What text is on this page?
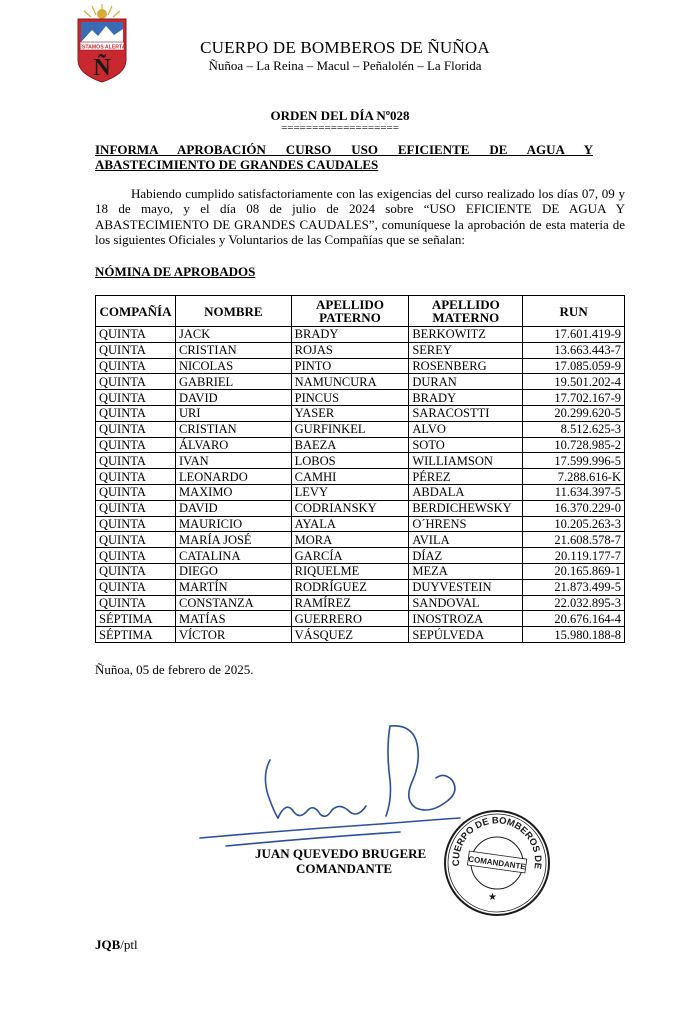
ESTAMOS ALERTA
Ñ
CUERPO DE BOMBEROS DE ÑUÑOA
Ñuñoa – La Reina – Macul – Peñalolén – La Florida
ORDEN DEL DÍA Nº028
===================
INFORMA APROBACIÓN CURSO USO EFICIENTE DE AGUA Y
ABASTECIMIENTO DE GRANDES CAUDALES
Habiendo cumplido satisfactoriamente con las exigencias del curso realizado los días 07, 09 y 18 de mayo, y el día 08 de julio de 2024 sobre “USO EFICIENTE DE AGUA Y ABASTECIMIENTO DE GRANDES CAUDALES”, comuníquese la aprobación de esta materia de los siguientes Oficiales y Voluntarios de las Compañías que se señalan:
NÓMINA DE APROBADOS
COMPAÑÍA	NOMBRE	APELLIDO PATERNO	APELLIDO MATERNO	RUN
QUINTA	JACK	BRADY	BERKOWITZ	17.601.419-9
QUINTA	CRISTIAN	ROJAS	SEREY	13.663.443-7
QUINTA	NICOLAS	PINTO	ROSENBERG	17.085.059-9
QUINTA	GABRIEL	NAMUNCURA	DURAN	19.501.202-4
QUINTA	DAVID	PINCUS	BRADY	17.702.167-9
QUINTA	URI	YASER	SARACOSTTI	20.299.620-5
QUINTA	CRISTIAN	GURFINKEL	ALVO	8.512.625-3
QUINTA	ÁLVARO	BAEZA	SOTO	10.728.985-2
QUINTA	IVAN	LOBOS	WILLIAMSON	17.599.996-5
QUINTA	LEONARDO	CAMHI	PÉREZ	7.288.616-K
QUINTA	MAXIMO	LEVY	ABDALA	11.634.397-5
QUINTA	DAVID	CODRIANSKY	BERDICHEWSKY	16.370.229-0
QUINTA	MAURICIO	AYALA	O´HRENS	10.205.263-3
QUINTA	MARÍA JOSÉ	MORA	AVILA	21.608.578-7
QUINTA	CATALINA	GARCÍA	DÍAZ	20.119.177-7
QUINTA	DIEGO	RIQUELME	MEZA	20.165.869-1
QUINTA	MARTÍN	RODRÍGUEZ	DUYVESTEIN	21.873.499-5
QUINTA	CONSTANZA	RAMÍREZ	SANDOVAL	22.032.895-3
SÉPTIMA	MATÍAS	GUERRERO	INOSTROZA	20.676.164-4
SÉPTIMA	VÍCTOR	VÁSQUEZ	SEPÚLVEDA	15.980.188-8
Ñuñoa, 05 de febrero de 2025.
JUAN QUEVEDO BRUGERE
COMANDANTE	CUERPO DE BOMBEROS DE
COMANDANTE
★
JQB/ptl
